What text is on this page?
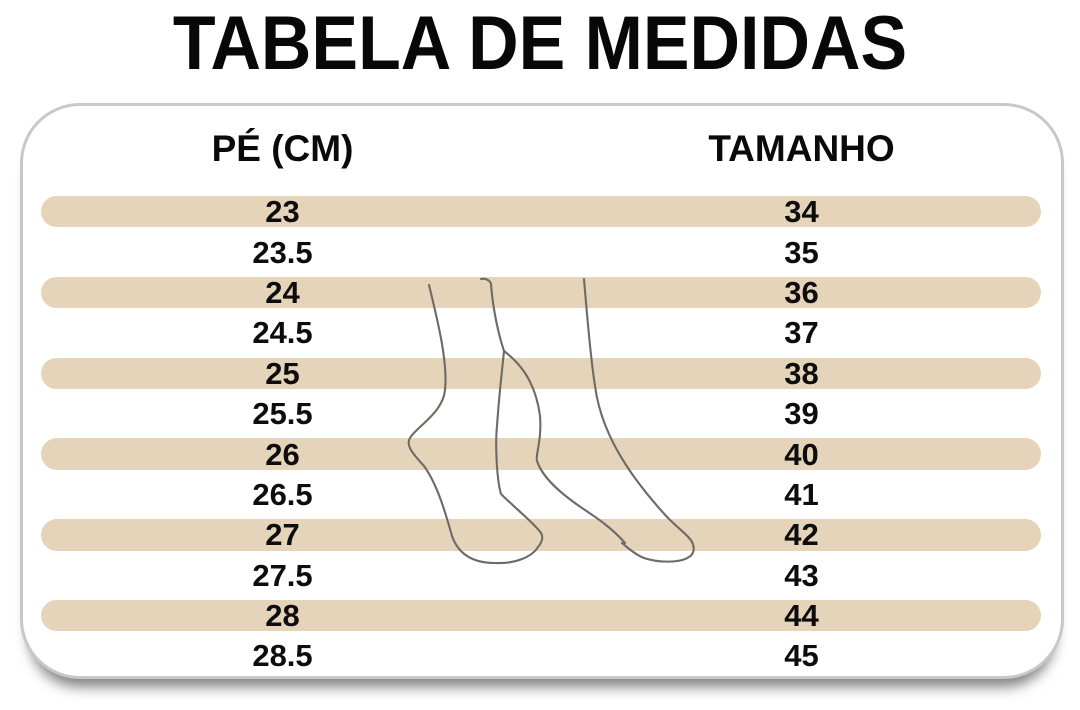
TABELA DE MEDIDAS
PÉ (CM)	TAMANHO
23	34
23.5	35
24	36
24.5	37
25	38
25.5	39
26	40
26.5	41
27	42
27.5	43
28	44
28.5	45
